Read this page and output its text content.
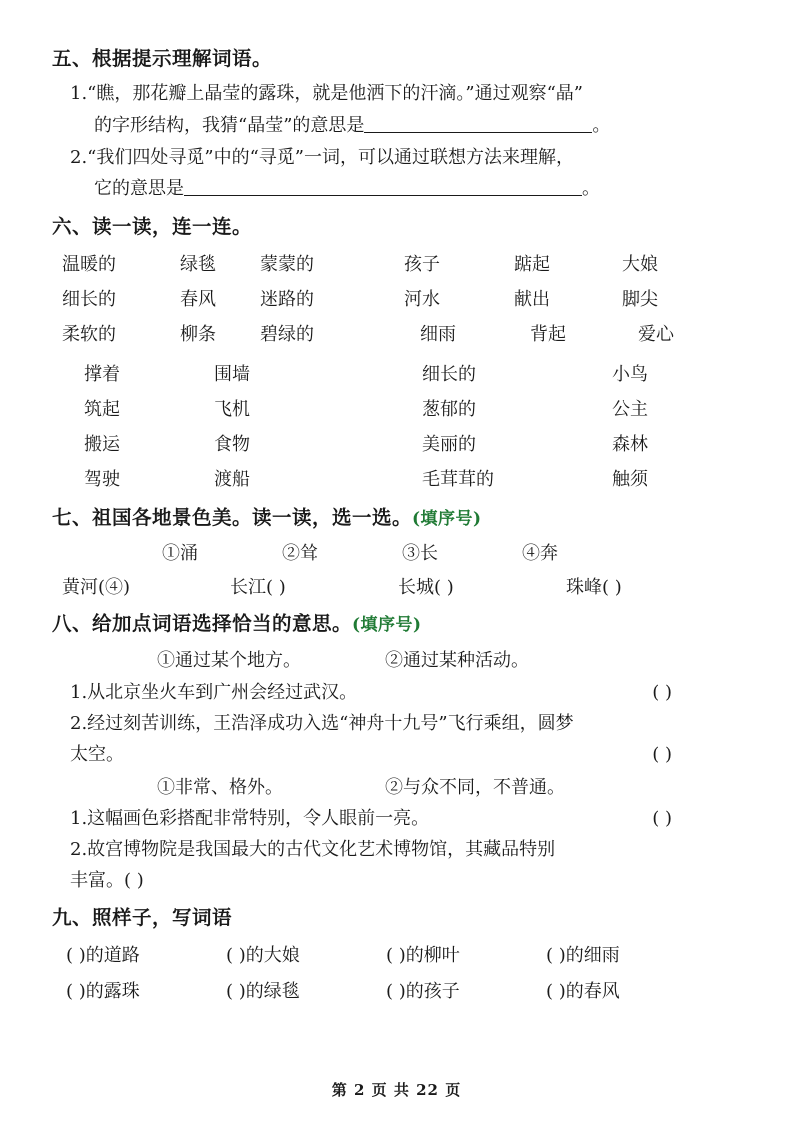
五、根据提示理解词语。
1.“瞧，那花瓣上晶莹的露珠，就是他洒下的汗滴。”通过观察“晶”
的字形结构，我猜“晶莹”的意思是	。
2.“我们四处寻觅”中的“寻觅”一词，可以通过联想方法来理解，
它的意思是	。
六、读一读，连一连。
温暖的	绿毯	蒙蒙的	孩子	踮起	大娘
细长的	春风	迷路的	河水	献出	脚尖
柔软的	柳条	碧绿的	细雨	背起	爱心
撑着	围墙	细长的	小鸟
筑起	飞机	葱郁的	公主
搬运	食物	美丽的	森林
驾驶	渡船	毛茸茸的	触须
七、祖国各地景色美。读一读，选一选。(填序号)
①涌	②耸	③长	④奔
黄河(④)	长江( )	长城( )	珠峰( )
八、给加点词语选择恰当的意思。(填序号)
①通过某个地方。	②通过某种活动。
1.从北京坐火车到广州会经过武汉。	( )
2.经过刻苦训练，王浩泽成功入选“神舟十九号”飞行乘组，圆梦
太空。	( )
①非常、格外。	②与众不同，不普通。
1.这幅画色彩搭配非常特别，令人眼前一亮。	( )
2.故宫博物院是我国最大的古代文化艺术博物馆，其藏品特别
丰富。( )
九、照样子，写词语
( )的道路	( )的大娘	( )的柳叶	( )的细雨
( )的露珠	( )的绿毯	( )的孩子	( )的春风
第 2 页 共 22 页
